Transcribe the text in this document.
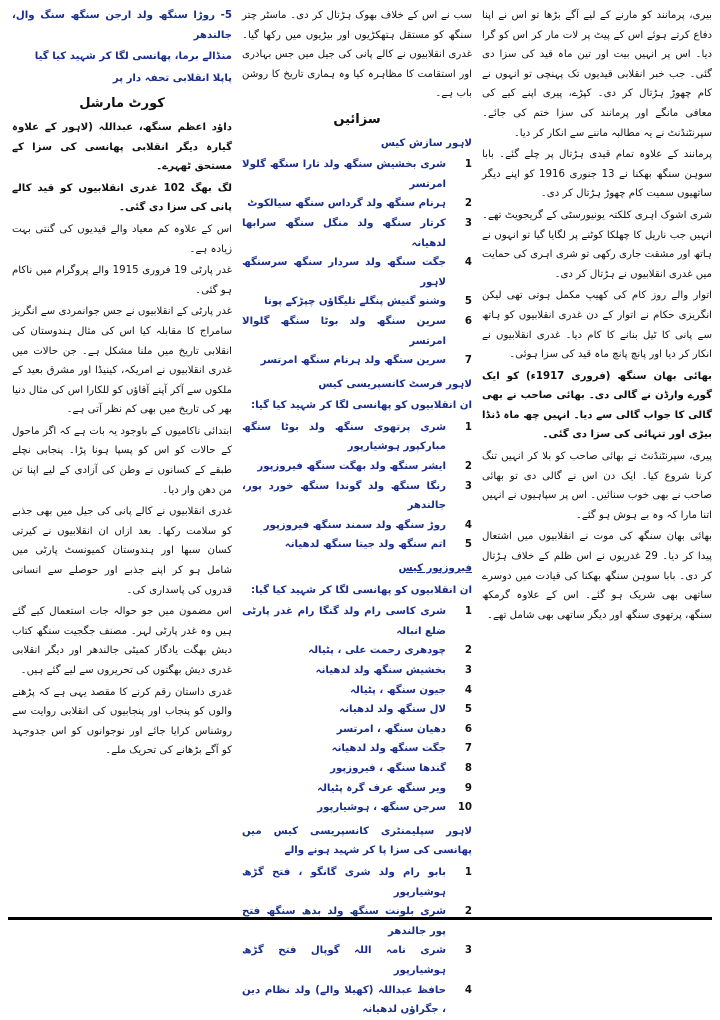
بیری، پرمانند کو مارنے کے لیے آگے بڑھا تو اس نے اپنا دفاع کرتے ہوئے اس کے پیٹ پر لات مار کر اس کو گرا دیا۔ اس پر انہیں بیت اور تین ماہ قید کی سزا دی گئی۔ جب خبر انقلابی قیدیوں تک پہنچی تو انہوں نے کام چھوڑ ہڑتال کر دی۔ کپڑے، پیری اپنے کیے کی معافی مانگے اور پرمانند کی سزا ختم کی جائے۔ سپرنٹنڈنٹ نے یہ مطالبہ ماننے سے انکار کر دیا۔

پرمانند کے علاوہ تمام قیدی ہڑتال پر چلے گئے۔ بابا سوہن سنگھ بھکنا نے 13 جنوری 1916 کو اپنے دیگر ساتھیوں سمیت کام چھوڑ ہڑتال کر دی۔

شری اشوک اہری کلکتہ یونیورسٹی کے گریجویٹ تھے۔ انہیں جب ناریل کا چھلکا کوٹنے پر لگایا گیا تو انہوں نے ہاتھ اور مشقت جاری رکھی تو شری اہری کی حمایت میں غدری انقلابیوں نے ہڑتال کر دی۔

اتوار والے روز کام کی کھیپ مکمل ہوتی تھی لیکن انگریزی حکام نے اتوار کے دن غدری انقلابیوں کو ہاتھ سے پانی کا ٹیل بنانے کا کام دیا۔ غدری انقلابیوں نے انکار کر دیا اور پانچ پانچ ماہ قید کی سزا ہوئی۔

بھائی بھان سنگھ (فروری 1917ء) کو ایک گورے وارڈن نے گالی دی۔ بھائی صاحب نے بھی گالی کا جواب گالی سے دیا۔ انہیں چھ ماہ ڈنڈا بیڑی اور تنہائی کی سزا دی گئی۔

پیری، سپرنٹنڈنٹ نے بھائی صاحب کو بلا کر انہیں تنگ کرنا شروع کیا۔ ایک دن اس نے گالی دی تو بھائی صاحب نے بھی خوب سنائیں۔ اس پر سپاہیوں نے انہیں اتنا مارا کہ وہ بے ہوش ہو گئے۔

بھائی بھان سنگھ کی موت نے انقلابیوں میں اشتعال پیدا کر دیا۔ 29 غدریوں نے اس ظلم کے خلاف ہڑتال کر دی۔ بابا سوہن سنگھ بھکنا کی قیادت میں دوسرے ساتھی بھی شریک ہو گئے۔ اس کے علاوہ گرمکھ سنگھ، پرتھوی سنگھ اور دیگر ساتھی بھی شامل تھے۔

سب نے اس کے خلاف بھوک ہڑتال کر دی۔ ماسٹر چتر سنگھ کو مستقل ہتھکڑیوں اور بیڑیوں میں رکھا گیا۔ غدری انقلابیوں نے کالے پانی کی جیل میں جس بہادری اور استقامت کا مظاہرہ کیا وہ ہماری تاریخ کا روشن باب ہے۔

سزائیں
لاہور سازش کیس
1
شری بخشیش سنگھ ولد تارا سنگھ گلولا امرتسر
2
ہرنام سنگھ ولد گرداس سنگھ سیالکوٹ
3
کرتار سنگھ ولد منگل سنگھ سرابھا لدھیانہ
4
جگت سنگھ ولد سردار سنگھ سرسنگھ لاہور
5
وشنو گنیش پنگلے تلیگاؤں چپڑکے پونا
6
سرین سنگھ ولد بوٹا سنگھ گلوالا امرتسر
7
سرین سنگھ ولد ہرنام سنگھ امرتسر
لاہور فرسٹ کانسپریسی کیس

ان انقلابیوں کو پھانسی لگا کر شہید کیا گیا:

1
شری پرتھوی سنگھ ولد بوٹا سنگھ مبارکپور ہوشیارپور
2
ایشر سنگھ ولد بھگت سنگھ فیروزپور
3
رنگا سنگھ ولد گوندا سنگھ خورد پور، جالندھر
4
روڑ سنگھ ولد سمند سنگھ فیروزپور
5
اتم سنگھ ولد جیتا سنگھ لدھیانہ
فیروزپور کیس

ان انقلابیوں کو پھانسی لگا کر شہید کیا گیا:

1
شری کاسی رام ولد گنگا رام غدر پارٹی ضلع انبالہ
2
چودھری رحمت علی ، پٹیالہ
3
بخشیش سنگھ ولد لدھیانہ
4
جیون سنگھ ، پٹیالہ
5
لال سنگھ ولد لدھیانہ
6
دھیان سنگھ ، امرتسر
7
جگت سنگھ ولد لدھیانہ
8
گندھا سنگھ ، فیروزپور
9
ویر سنگھ عرف گرہ پٹیالہ
10
سرجن سنگھ ، ہوشیارپور
لاہور سپلیمنٹری کانسپریسی کیس میں پھانسی کی سزا پا کر شہید ہونے والے
1
بابو رام ولد شری گانگو ، فتح گڑھ ہوشیارپور
2
شری بلونت سنگھ ولد بدھ سنگھ فتح پور جالندھر
3
شری نامہ اللہ گوپال فتح گڑھ ہوشیارپور
4
حافظ عبداللہ (کھیلا والے) ولد نظام دین ، جگراؤں لدھیانہ

5- روڑا سنگھ ولد ارجن سنگھ سنگ وال، جالندھر

منڈالے برما، پھانسی لگا کر شہید کیا گیا

پاپلا انقلابی تحفہ دار پر

کورٹ مارشل

داؤد اعظم سنگھ، عبداللہ (لاہور کے علاوہ گیارہ دیگر انقلابی پھانسی کی سزا کے مستحق ٹھہرے۔

لگ بھگ 102 غدری انقلابیوں کو قید کالے پانی کی سزا دی گئی۔

اس کے علاوہ کم معیاد والے قیدیوں کی گنتی بہت زیادہ ہے۔

غدر پارٹی 19 فروری 1915 والے پروگرام میں ناکام ہو گئی۔

غدر پارٹی کے انقلابیوں نے جس جوانمردی سے انگریز سامراج کا مقابلہ کیا اس کی مثال ہندوستان کی انقلابی تاریخ میں ملنا مشکل ہے۔ جن حالات میں غدری انقلابیوں نے امریکہ، کینیڈا اور مشرق بعید کے ملکوں سے آکر آپنے آقاؤں کو للکارا اس کی مثال دنیا بھر کی تاریخ میں بھی کم نظر آتی ہے۔

ابتدائی ناکامیوں کے باوجود یہ بات ہے کہ اگر ماحول کے حالات کو اس کو پسپا ہونا پڑا۔ پنجابی نچلے طبقے کے کسانوں نے وطن کی آزادی کے لیے اپنا تن من دھن وار دیا۔

غدری انقلابیوں نے کالے پانی کی جیل میں بھی جذبے کو سلامت رکھا۔ بعد ازاں ان انقلابیوں نے کیرتی کسان سبھا اور ہندوستان کمیونسٹ پارٹی میں شامل ہو کر اپنے جذبے اور حوصلے سے انسانی قدروں کی پاسداری کی۔

اس مضمون میں جو حوالہ جات استعمال کیے گئے ہیں وہ غدر پارٹی لہر۔ مصنف جگجیت سنگھ کتاب دیش بھگت یادگار کمیٹی جالندھر اور دیگر انقلابی غدری دیش بھگتوں کی تحریروں سے لیے گئے ہیں۔

غدری داستان رقم کرنے کا مقصد یہی ہے کہ پڑھنے والوں کو پنجاب اور پنجابیوں کی انقلابی روایت سے روشناس کرایا جائے اور نوجوانوں کو اس جدوجہد کو آگے بڑھانے کی تحریک ملے۔
